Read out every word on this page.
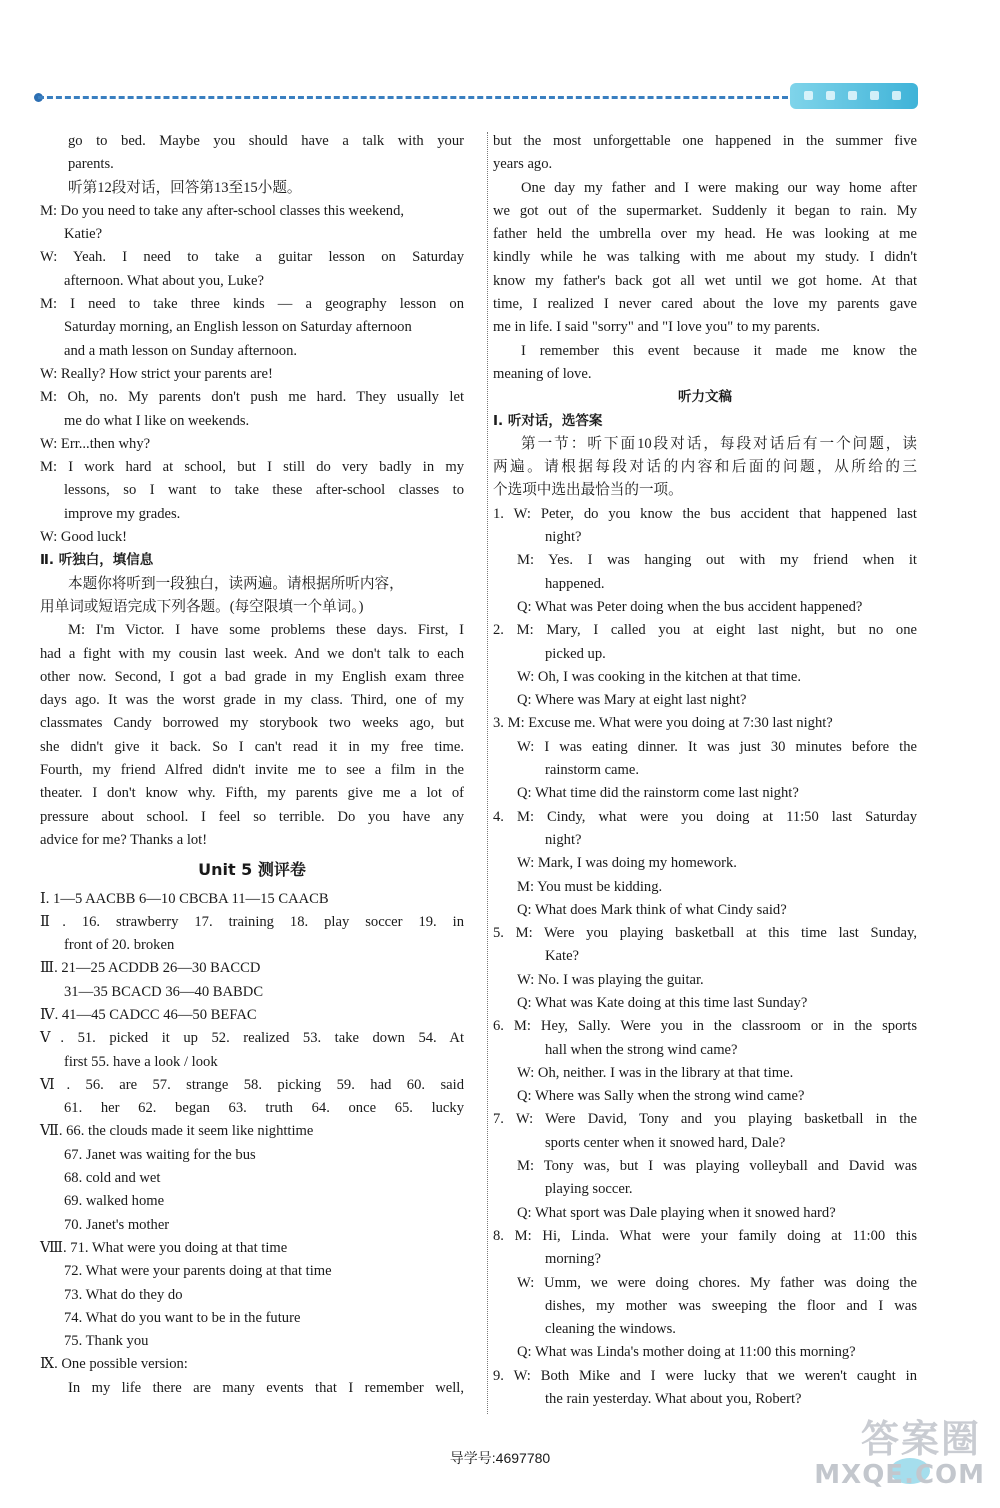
go to bed. Maybe you should have a talk with your
parents.
听第12段对话，回答第13至15小题。
M: Do you need to take any after-school classes this weekend,
Katie?
W: Yeah. I need to take a guitar lesson on Saturday
afternoon. What about you, Luke?
M: I need to take three kinds — a geography lesson on
Saturday morning, an English lesson on Saturday afternoon
and a math lesson on Sunday afternoon.
W: Really? How strict your parents are!
M: Oh, no. My parents don't push me hard. They usually let
me do what I like on weekends.
W: Err...then why?
M: I work hard at school, but I still do very badly in my
lessons, so I want to take these after-school classes to
improve my grades.
W: Good luck!
Ⅱ. 听独白，填信息
本题你将听到一段独白，读两遍。请根据所听内容，
用单词或短语完成下列各题。(每空限填一个单词。)
M: I'm Victor. I have some problems these days. First, I
had a fight with my cousin last week. And we don't talk to each
other now. Second, I got a bad grade in my English exam three
days ago. It was the worst grade in my class. Third, one of my
classmates Candy borrowed my storybook two weeks ago, but
she didn't give it back. So I can't read it in my free time.
Fourth, my friend Alfred didn't invite me to see a film in the
theater. I don't know why. Fifth, my parents give me a lot of
pressure about school. I feel so terrible. Do you have any
advice for me? Thanks a lot!
Unit 5 测评卷
Ⅰ. 1—5 AACBB 6—10 CBCBA 11—15 CAACB
Ⅱ. 16. strawberry 17. training 18. play soccer 19. in
front of 20. broken
Ⅲ. 21—25 ACDDB 26—30 BACCD
31—35 BCACD 36—40 BABDC
Ⅳ. 41—45 CADCC 46—50 BEFAC
Ⅴ. 51. picked it up 52. realized 53. take down 54. At
first 55. have a look / look
Ⅵ. 56. are 57. strange 58. picking 59. had 60. said
61. her 62. began 63. truth 64. once 65. lucky
Ⅶ. 66. the clouds made it seem like nighttime
67. Janet was waiting for the bus
68. cold and wet
69. walked home
70. Janet's mother
Ⅷ. 71. What were you doing at that time
72. What were your parents doing at that time
73. What do they do
74. What do you want to be in the future
75. Thank you
Ⅸ. One possible version:
In my life there are many events that I remember well,
but the most unforgettable one happened in the summer five
years ago.
One day my father and I were making our way home after
we got out of the supermarket. Suddenly it began to rain. My
father held the umbrella over my head. He was looking at me
kindly while he was talking with me about my study. I didn't
know my father's back got all wet until we got home. At that
time, I realized I never cared about the love my parents gave
me in life. I said "sorry" and "I love you" to my parents.
I remember this event because it made me know the
meaning of love.
听力文稿
Ⅰ. 听对话，选答案
第一节：听下面10段对话，每段对话后有一个问题，读
两遍。请根据每段对话的内容和后面的问题，从所给的三
个选项中选出最恰当的一项。
1. W: Peter, do you know the bus accident that happened last
night?
M: Yes. I was hanging out with my friend when it
happened.
Q: What was Peter doing when the bus accident happened?
2. M: Mary, I called you at eight last night, but no one
picked up.
W: Oh, I was cooking in the kitchen at that time.
Q: Where was Mary at eight last night?
3. M: Excuse me. What were you doing at 7:30 last night?
W: I was eating dinner. It was just 30 minutes before the
rainstorm came.
Q: What time did the rainstorm come last night?
4. M: Cindy, what were you doing at 11:50 last Saturday
night?
W: Mark, I was doing my homework.
M: You must be kidding.
Q: What does Mark think of what Cindy said?
5. M: Were you playing basketball at this time last Sunday,
Kate?
W: No. I was playing the guitar.
Q: What was Kate doing at this time last Sunday?
6. M: Hey, Sally. Were you in the classroom or in the sports
hall when the strong wind came?
W: Oh, neither. I was in the library at that time.
Q: Where was Sally when the strong wind came?
7. W: Were David, Tony and you playing basketball in the
sports center when it snowed hard, Dale?
M: Tony was, but I was playing volleyball and David was
playing soccer.
Q: What sport was Dale playing when it snowed hard?
8. M: Hi, Linda. What were your family doing at 11:00 this
morning?
W: Umm, we were doing chores. My father was doing the
dishes, my mother was sweeping the floor and I was
cleaning the windows.
Q: What was Linda's mother doing at 11:00 this morning?
9. W: Both Mike and I were lucky that we weren't caught in
the rain yesterday. What about you, Robert?
导学号:4697780	答案圈
MXQE.COM
